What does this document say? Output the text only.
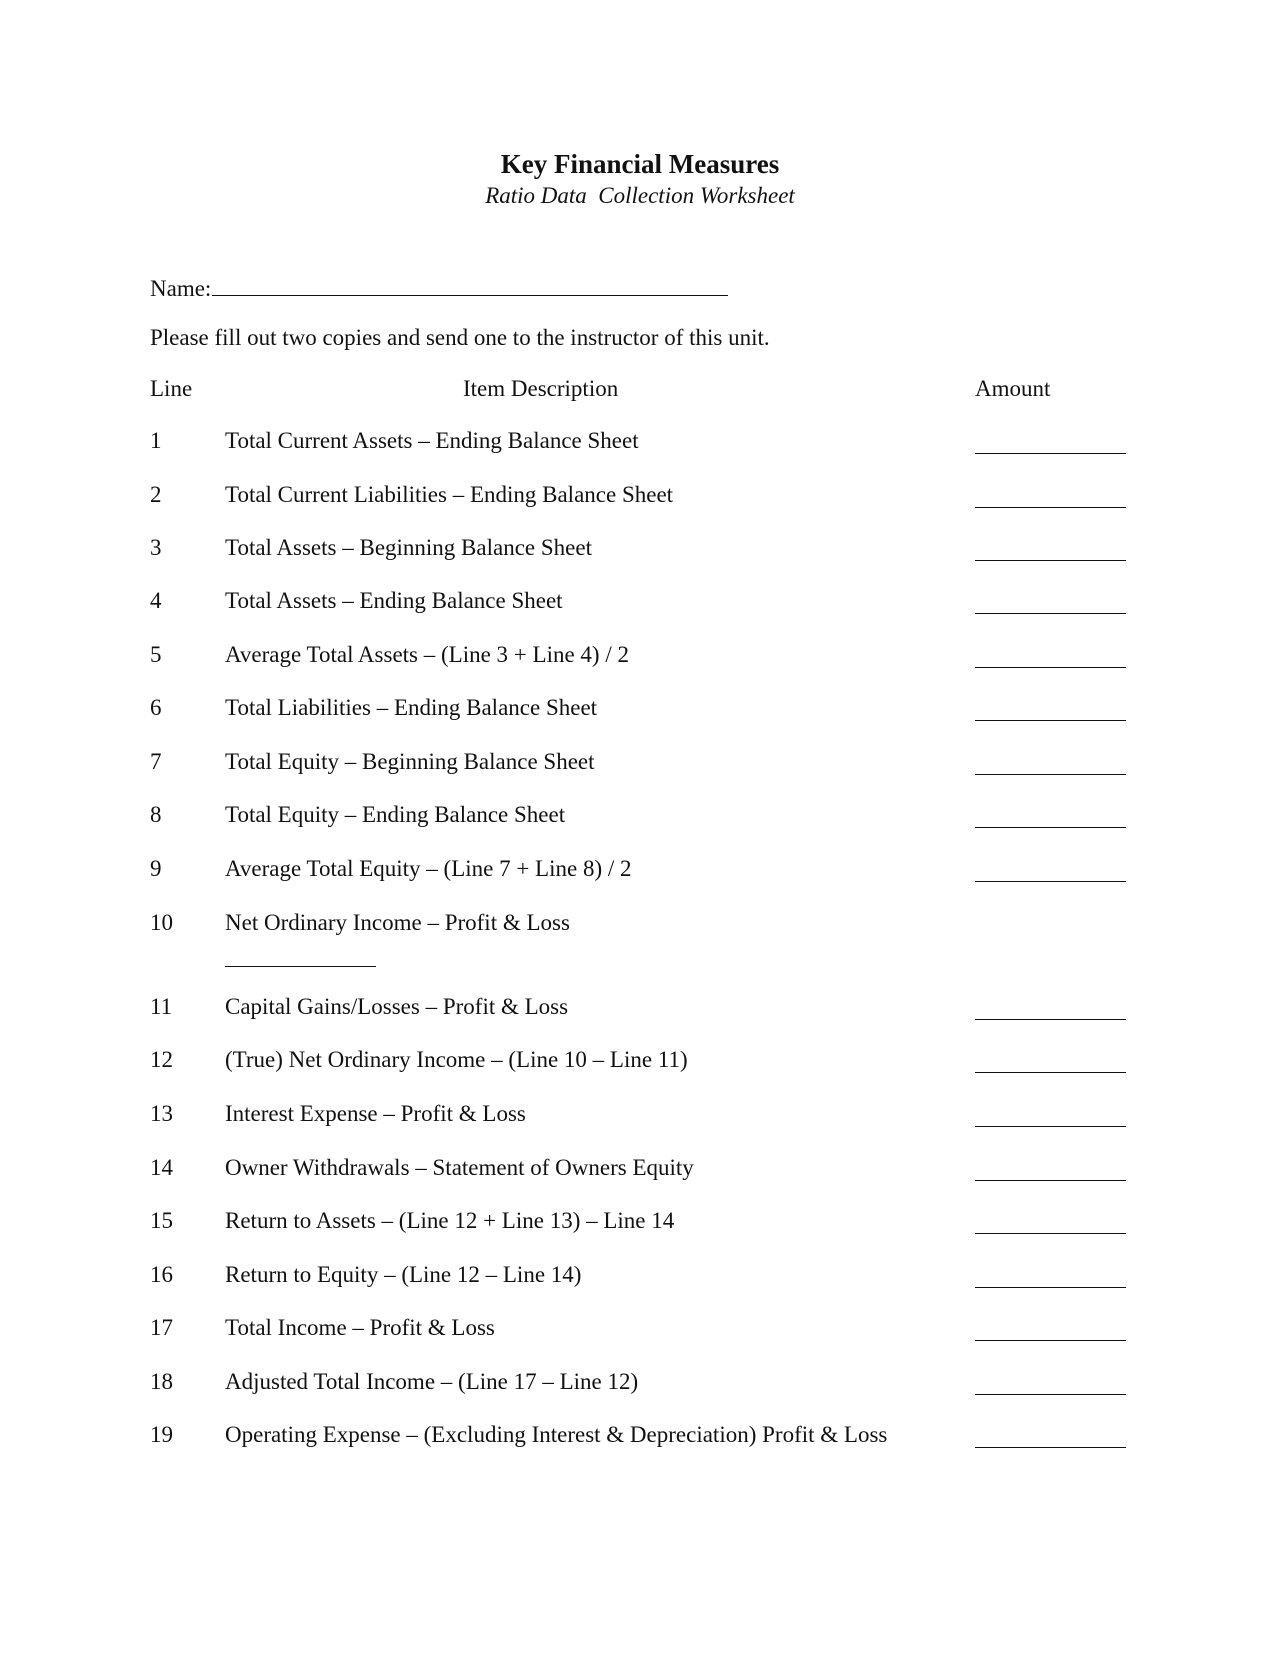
Key Financial Measures
Ratio Data  Collection Worksheet
Name:
Please fill out two copies and send one to the instructor of this unit.
Line	Item Description	Amount
1	Total Current Assets – Ending Balance Sheet
2	Total Current Liabilities – Ending Balance Sheet
3	Total Assets – Beginning Balance Sheet
4	Total Assets – Ending Balance Sheet
5	Average Total Assets – (Line 3 + Line 4) / 2
6	Total Liabilities – Ending Balance Sheet
7	Total Equity – Beginning Balance Sheet
8	Total Equity – Ending Balance Sheet
9	Average Total Equity – (Line 7 + Line 8) / 2
10 Net Ordinary Income – Profit & Loss
11 Capital Gains/Losses – Profit & Loss
12 (True) Net Ordinary Income – (Line 10 – Line 11)
13 Interest Expense – Profit & Loss
14 Owner Withdrawals – Statement of Owners Equity
15 Return to Assets – (Line 12 + Line 13) – Line 14
16 Return to Equity – (Line 12 – Line 14)
17 Total Income – Profit & Loss
18 Adjusted Total Income – (Line 17 – Line 12)
19 Operating Expense – (Excluding Interest & Depreciation) Profit & Loss
